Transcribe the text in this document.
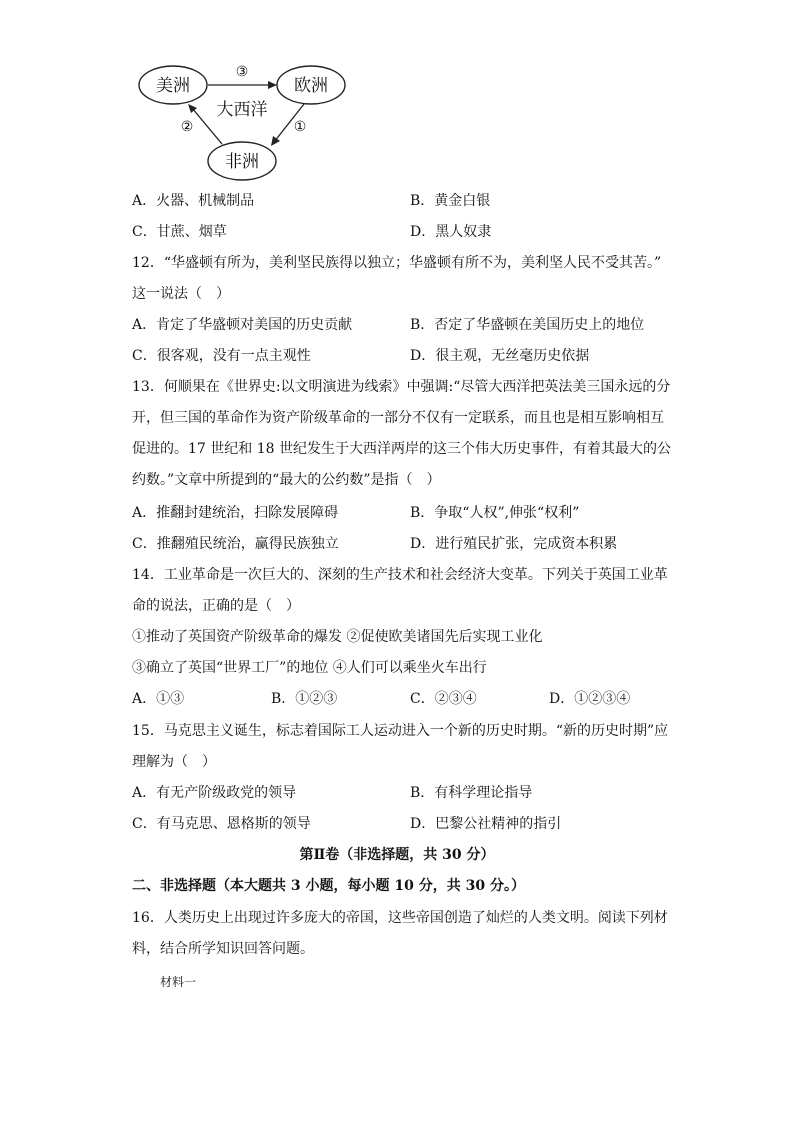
美洲	欧洲
非洲
大西洋
③
①
②
A．火器、机械制品	B．黄金白银
C．甘蔗、烟草	D．黑人奴隶
12．“华盛顿有所为，美利坚民族得以独立；华盛顿有所不为，美利坚人民不受其苦。”
这一说法（　）
A．肯定了华盛顿对美国的历史贡献	B．否定了华盛顿在美国历史上的地位
C．很客观，没有一点主观性	D．很主观，无丝毫历史依据
13．何顺果在《世界史:以文明演进为线索》中强调:“尽管大西洋把英法美三国永远的分
开，但三国的革命作为资产阶级革命的一部分不仅有一定联系，而且也是相互影响相互
促进的。17 世纪和 18 世纪发生于大西洋两岸的这三个伟大历史事件，有着其最大的公
约数。”文章中所提到的“最大的公约数”是指（　）
A．推翻封建统治，扫除发展障碍	B．争取“人权”,伸张“权利”
C．推翻殖民统治，赢得民族独立	D．进行殖民扩张，完成资本积累
14．工业革命是一次巨大的、深刻的生产技术和社会经济大变革。下列关于英国工业革
命的说法，正确的是（　）
①推动了英国资产阶级革命的爆发 ②促使欧美诸国先后实现工业化
③确立了英国“世界工厂”的地位 ④人们可以乘坐火车出行
A．①③	B．①②③	C．②③④	D．①②③④
15．马克思主义诞生，标志着国际工人运动进入一个新的历史时期。“新的历史时期”应
理解为（　）
A．有无产阶级政党的领导	B．有科学理论指导
C．有马克思、恩格斯的领导	D．巴黎公社精神的指引
第Ⅱ卷（非选择题，共 30 分）
二、非选择题（本大题共 3 小题，每小题 10 分，共 30 分。）
16．人类历史上出现过许多庞大的帝国，这些帝国创造了灿烂的人类文明。阅读下列材
料，结合所学知识回答问题。
材料一
